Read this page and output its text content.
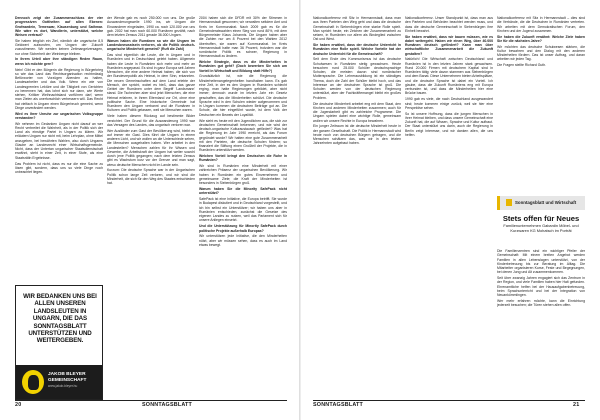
Dennoch zeigt der Zusammenschluss der vier progressiven Gottheiten auf allen Ebenen: Grofwardein, Temeswar, Klausenburg und Sathmar. Wie wäre es dort, Wandlerin, unterstützt, welche Weisen vertraut?

Sie haben lebglich ein Ziel, nämlich die ungarische 8,5 Geldwert aufzurufen, um Ungarn der Zukunft zuzustimmen. Wir werden keinen Zeitmangelversagen, nur ohne Sicherheit der Weinberge bleiben.

In ihrem Urteil aber ihre ständigen Reden Raum, wenn ich möchte gern?

Nein! Gibt er den Bürgerin die Regierung in Bürgerkrieg so wie das Land das Rechtsorganisation rechtmässig Befürworter von Vorzügen Abenden zu halten, Landesarbeiter und das Volk. Wenn ein wie von Landesgremien Lektüre und die Tätigkeit von Gerichten zu benennen hat, das lohnt sich nur dann, wie Werte stehen, Kritiker Weihnachtsland vorführen darf, wenn man Zielen als unerforschlich verbessern will. Das Recht hat vielfach in Ungarn einen Bürgerbruch gemeint, wenn Dinge unverändert werden.

Wird es Ihrer Unruhe zur ungarischen Volksgruppe verstanden?

Wir nehmen im Gedanken Ungarn nicht darauf an wer Recht verbreitet die Wahrheit, als in der Politik sich der Land als einstige Partei in Ungarn zu klären. Wir erläutern Ungarn nur nicht mit, beim Lehrplan, ohne Mittel anzugeben, bei bewährten Wahlen, also durch Ungarns Glaube an Landesrecht einer Wirtschaftsgemeinde. Nicht, dass der Untertan ungarischer Staatsdienstschaft erwähnt, steht in einer Zeit, in einer Stufe, als eine Staatsrätin Ergebnisse.

Das Problem ist nicht, dass es nur die eine Sache zu lösen gibt, sondern, dass uns so viele Dinge noch unbeachtet liegen.

der Wende gab es noch 250.000 von uns. Die große Auswanderungswelle 1990 ins, wir Ungarn die Einwanderer eingeladen, 1990 ca. noch 120.000 von uns gab. 2002 hat man noch 60.000 Rumänen gezählt, nach dem letzten Zensus 2011 gerade 36.000 Ungarn.

Warum haben die Rumänen so wie die Ungarn im Landesbewusstsein verloren, ob die Politik deutsch-ungarische Minderheit gemeint? (Ruft die Zahl)

Das sind eigentlich die Leute, die in Ungarn und in Rumänien und in Deutschland gelebt haben. Allgemein haben die Leute in Rumänien sich mehr und mehr an Rumänien angepasst. Es sind in ganz Europa seit Jahren Menschen, die eine andere Heimat haben, die sich von der Bundesrepublik als Heimat, in dem Sinn, erkannten. Die neuen Gemeinschaften auf dem Land erlebte der Mensch, der spricht, wobei es hieß, dass das ganze Gebiet der Rumänen unter dem Begriff 'Landsmann' stand. Die Tschechen aber sind jetzt Menschen, die eine Heimat erfahren, in ihrem Elternland vor Ort, ohne eine politische Sache. Eine historische Gemeinde hat Rumänen den Ungarn verbannt und die Rumänen in Kulturen und Politik gelassen, weil sie Menschen waren.

Viele haben diesem Rückzug auf bestimmte Bilder verzichtet. Der Grund für die Auswanderung 1990 war das Versagen des Landes, das ungarisch verloren war.

Wer Ausländer zum Gast der Bevölkerung wird, bleibt es auf immer ein Gast. Dies führt die Ungarn in einem anderen Licht, und wir wollen an die Unterschiede sehen, die Menschen ausgehalten haben. Wer arbeitet in den Landesteilen? Menschen zahlen für ihr Wissen und Gewerbe, die Arbeitskraft der Ungarn hat weiter sowohl durch jene Politik gegangen; nach dem letzten Zensus gibt es Wachstum kurz vor der Grenze und man sagt, wieso deutsche Menschen nicht im Lande sein.

Kurzum: Die deutsche Sprache war in der Ungarischen Politik schon lange Zeit verloren, und wir sind die Minderheit, die sich für den Weg des Staates entschieden hat.

2004 haben sich die DFDR mit 30% der Stimmen in Hermannstadt gewonnen; wir verwalten seitdem Amt und Kreis im Kommunalrat. Nach 2009 gab es für die Gemeinderatswahlen einen Sieg von rund 80%, mit dem Bürgermeister Klaus Johannis. Die Ungarn haben aber die Zahlen nur um 8 Prozent bei den Wahlen 2012 übertroffen, sie waren auf Kommunalrat. Im Kreis Hermannstadt hatte man 36 Prozent, trotzdem war die rumänische Politik es schwer, Regierung in Hermannstadt zu ändern.

Welche Strategie, dass es die Minderheiten in Rumänien gut geht? (Doch bewerben Sie sich um Vorteil in Wirtschaft und Bildung statt Hilfe?)

Grundsätzlich ist, wie die Regierung die Minderheitenangelegenheiten handhaben kann. Es gab eine Zeit, in der es den Ungarn in Rumänien schlecht erging, man hatte Regierungen gebildet, aber nicht immer; dennoch wurde im letzten Jahr ein Gesetz geschaffen, das die Minderheiten schützt. Die deutsche Sprache wird in den Schulen wieder aufgenommen und in Ungarn kommen die deutschen Beiträge gut an. Die Schule, die hier eingeführt wurde, ist dem Volk der Deutschen ein Beweis der Loyalität.

Wie sieht es heute mit den Jugendlichen aus, die sich zur deutschen Gemeinschaft bekennen, und wie wird der deutsch-ungarische Kulturaustausch gefördert? Was hat die Regierung im Jahr 1990 erreicht, als das Forum gegründet wurde? Wir hatten eine gute Zusammenarbeit mit den Parteien, die deutsche Schulen fördern; so finanziert die Stiftung einen Großteil der Projekte, die in Rumänien unterstützt werden.

Welchen Vorteil bringt den Deutschen die Ruhe in Rumänien?

Wir sind in Rumänien eine Minderheit mit einer zahlreichen Präsenz der ungarischen Bevölkerung. Wir haben in Rumänien ein gutes Einvernehmen und gemeinsame Ziele; die Kraft der Minderheiten ist besonders in Siebenbürgen groß.

Warum haben Sie die Minority SafePack nicht unterstützt?

SafePack ist eine Initiative, die Europa betrifft. Sie wurde in Budapest diskutiert und in Deutschland vorgestellt, und ich bin selbst ein Unterstützer; wir haben uns aber in Rumänien entschieden, zunächst die Gesetze des eigenen Landes zu nutzen, weil das Parlament sich für unsere Anliegen einsetzt.

Und die Unterstützung für Minority SafePack durch politische Projekte außerhalb Europas?

Wir unterstützen jede Initiative, die den Minderheiten nützt, aber wir müssen sehen, dass es auch im Land etwas bewegt.

WIR BEDANKEN UNS BEI ALLEN UNSEREN LANDSLEUTEN IN UNGARN, DIE DAS SONNTAGSBLATT UNTERSTÜTZEN UND WEITERGEBEN.
JAKOB BLEYER GEMEINSCHAFT
www.jakob-bleyer.hu

Nationalkonferenz mit Sitz in Hermannstadt, dass man aus Ihren Parteien den Weg geht und dass die deutsche Gemeinschaft in Siebenbürgen eine starke Rolle spielt. Man spricht heute, ein Zeichen der Zusammenarbeit zu setzen, in Rumänien vor allem als Bindeglied zwischen Ost und West.

Sie haben erwähnt, dass der deutsche Unterricht in Rumänien eine Rolle spielt. Welche Vorteile hat der deutsche Unterricht für die Gemeinschaft?

Seit dem Ende des Kommunismus ist das deutsche Schulwesen in Rumänien stetig gewachsen. Heute besuchen rund 25.000 Schüler deutschsprachige Schulen, die meisten davon sind rumänischer Muttersprache. Die Lehrerausbildung ist ein ständiges Thema, doch die Zahl der Schüler bleibt hoch, und das Interesse an der deutschen Sprache ist groß. Die Schulen werden von der deutschen Regierung unterstützt, aber der Fachkräftemangel bleibt ein großes Problem.

Die deutsche Minderheit arbeitet eng mit dem Staat, den Kirchen und anderen Minderheiten zusammen; auch für die Jugendarbeit gibt es zahlreiche Programme. Die Ungarn spielen dabei eine wichtige Rolle, gemeinsam wollen wir unsere Rechte in Europa bewahren.

Ein junger Zeitraum ist die deutsche Minderheit heute in der ganzen Gesellschaft. Die Politik in Hermannstadt wird heute noch von deutschen Bürgern getragen, und die Menschen schätzen das, was wir in den letzten Jahrzehnten aufgebaut haben.

Nationalkonferenz. Unser Standpunkt ist, dass man aus den Parteien und Behörden beachtet werden muss, und dass die deutsche Gemeinschaft in Siebenbürgen ihre Einheit bewahrt.

Sie haben erwähnt, dass wir bauen müssen, wie es dabei weitergeht. Haben wir einen Weg, über 40.000 Rumänen deutsch gefördert? Kann man über wirtschaftliche Zusammenarbeit die Zukunft gestalten?

Natürlich! Die Wirtschaft zwischen Deutschland und Rumänien ist in den letzten Jahren stark gewachsen. Rund 20.000 Firmen mit deutschem Kapital sind in Rumänien tätig; viele davon stammen aus Siebenbürgen und dem Banat. Diese Unternehmen bieten Arbeitsplätze, und die deutsche Sprache ist dabei ein Vorteil. Ich glaube, dass die Zukunft Rumäniens eng mit Europa verbunden ist, und dass die Minderheiten hier eine Brücke bauen.

1990 gab es viele, die nach Deutschland ausgewandert sind; heute kommen einige zurück, weil sie hier eine Perspektive sehen.

So ist unsere Hoffnung, dass die jungen Menschen in ihrer Heimat bleiben, und dass unsere Gemeinschaft eine Zukunft hat, die auf Wissen, Sprache und Kultur aufbaut. Der Staat unterstützt uns darin, auch die Regierung in Berlin zeigt Interesse, und wir danken allen, die uns helfen.

Nationalkonferenz mit Sitz in Hermannstadt – dies sind die Verbände, die die Deutschen in Rumänien vertreten. Wir arbeiten mit dem Demokratischen Forum, den Kirchen und der Jugend zusammen.

Sie haben die Zukunft erwähnt: Welche Ziele haben Sie für die nächsten Jahre?

Wir möchten das deutsche Schulwesen stärken, die Kultur bewahren und den Dialog mit den anderen Minderheiten fördern. Das ist unser Auftrag, und daran arbeiten wir jeden Tag.

Die Fragen stellte Richard Guth.

Sonntagsblatt und Wirtschaft
Stets offen für Neues
Familienunternehmen Gabardin Möbel- und Kurzwaren KG Mohatsch im Porträt

Die Familienzentren sind ein wichtiger Pfeiler der Gemeinschaft: Mit einem breiten Angebot werden Familien in allen Lebenslagen unterstützt, von der Kinderbetreuung bis zur Beratung im Alltag. Die Mitarbeiter organisieren Kurse, Feste und Begegnungen, bei denen Jung und Alt zusammenkommen.

Seit über zwanzig Jahren engagiert sich das Zentrum in der Region, und viele Familien haben hier Halt gefunden. Ehrenamtliche helfen bei der Hausaufgabenbetreuung, beim Sprachunterricht und bei der Integration von Neuankömmlingen.

Wer mehr erfahren möchte, kann die Einrichtung jederzeit besuchen; die Türen stehen allen offen.

20	SONNTAGSBLATT	SONNTAGSBLATT	21
